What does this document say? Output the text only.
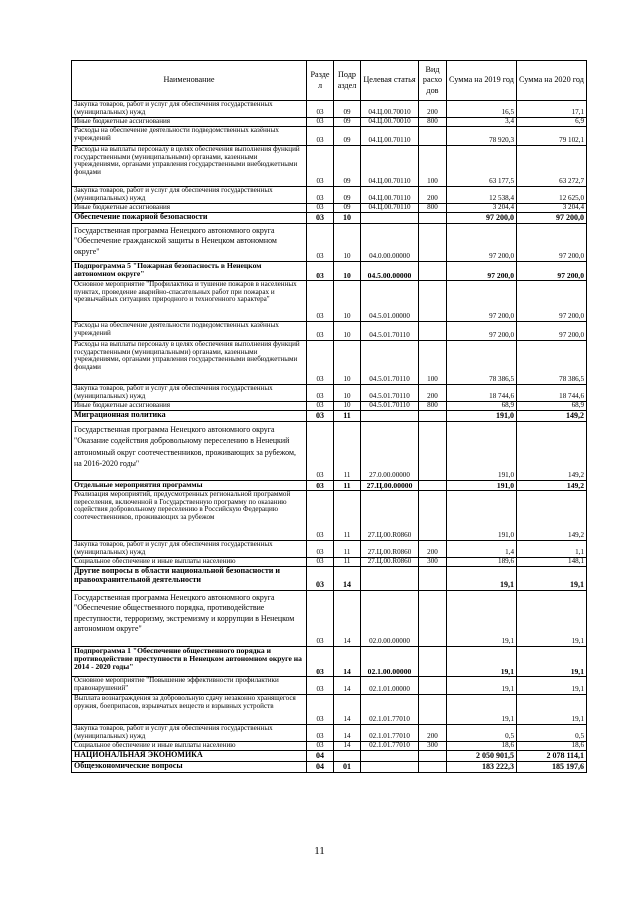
Наименование	Разде л	Подр аздел	Целевая статья	Вид расхо дов	Сумма на 2019 год	Сумма на 2020 год
Закупка товаров, работ и услуг для обеспечения государственных (муниципальных) нужд	03	09	04.Ц.00.70010	200	16,5	17,1
Иные бюджетные ассигнования	03	09	04.Ц.00.70010	800	3,4	6,9
Расходы на обеспечение деятельности подведомственных казённых учреждений	03	09	04.Ц.00.70110		78 920,3	79 102,1
Расходы на выплаты персоналу в целях обеспечения выполнения функций государственными (муниципальными) органами, казенными учреждениями, органами управления государственными внебюджетными фондами	03	09	04.Ц.00.70110	100	63 177,5	63 272,7
Закупка товаров, работ и услуг для обеспечения государственных (муниципальных) нужд	03	09	04.Ц.00.70110	200	12 538,4	12 625,0
Иные бюджетные ассигнования	03	09	04.Ц.00.70110	800	3 204,4	3 204,4
Обеспечение пожарной безопасности	03	10			97 200,0	97 200,0
Государственная программа Ненецкого автономного округа "Обеспечение гражданской защиты в Ненецком автономном округе"	03	10	04.0.00.00000		97 200,0	97 200,0
Подпрограмма 5 "Пожарная безопасность в Ненецком автономном округе"	03	10	04.5.00.00000		97 200,0	97 200,0
Основное мероприятие "Профилактика и тушение пожаров в населенных пунктах, проведение аварийно-спасательных работ при пожарах и чрезвычайных ситуациях природного и техногенного характера"	03	10	04.5.01.00000		97 200,0	97 200,0
Расходы на обеспечение деятельности подведомственных казённых учреждений	03	10	04.5.01.70110		97 200,0	97 200,0
Расходы на выплаты персоналу в целях обеспечения выполнения функций государственными (муниципальными) органами, казенными учреждениями, органами управления государственными внебюджетными фондами	03	10	04.5.01.70110	100	78 386,5	78 386,5
Закупка товаров, работ и услуг для обеспечения государственных (муниципальных) нужд	03	10	04.5.01.70110	200	18 744,6	18 744,6
Иные бюджетные ассигнования	03	10	04.5.01.70110	800	68,9	68,9
Миграционная политика	03	11			191,0	149,2
Государственная программа Ненецкого автономного округа "Оказание содействия добровольному переселению в Ненецкий автономный округ соотечественников, проживающих за рубежом, на 2016-2020 годы"	03	11	27.0.00.00000		191,0	149,2
Отдельные мероприятия программы	03	11	27.Ц.00.00000		191,0	149,2
Реализация мероприятий, предусмотренных региональной программой переселения, включенной в Государственную программу по оказанию содействия добровольному переселению в Российскую Федерацию соотечественников, проживающих за рубежом	03	11	27.Ц.00.R0860		191,0	149,2
Закупка товаров, работ и услуг для обеспечения государственных (муниципальных) нужд	03	11	27.Ц.00.R0860	200	1,4	1,1
Социальное обеспечение и иные выплаты населению	03	11	27.Ц.00.R0860	300	189,6	148,1
Другие вопросы в области национальной безопасности и правоохранительной деятельности	03	14			19,1	19,1
Государственная программа Ненецкого автономного округа "Обеспечение общественного порядка, противодействие преступности, терроризму, экстремизму и коррупции в Ненецком автономном округе"	03	14	02.0.00.00000		19,1	19,1
Подпрограмма 1 "Обеспечение общественного порядка и противодействие преступности в Ненецком автономном округе на 2014 - 2020 годы"	03	14	02.1.00.00000		19,1	19,1
Основное мероприятие "Повышение эффективности профилактики правонарушений"	03	14	02.1.01.00000		19,1	19,1
Выплата вознаграждения за добровольную сдачу незаконно хранящегося оружия, боеприпасов, взрывчатых веществ и взрывных устройств	03	14	02.1.01.77010		19,1	19,1
Закупка товаров, работ и услуг для обеспечения государственных (муниципальных) нужд	03	14	02.1.01.77010	200	0,5	0,5
Социальное обеспечение и иные выплаты населению	03	14	02.1.01.77010	300	18,6	18,6
НАЦИОНАЛЬНАЯ ЭКОНОМИКА	04				2 050 901,5	2 078 114,1
Общеэкономические вопросы	04	01			183 222,3	185 197,6
11
